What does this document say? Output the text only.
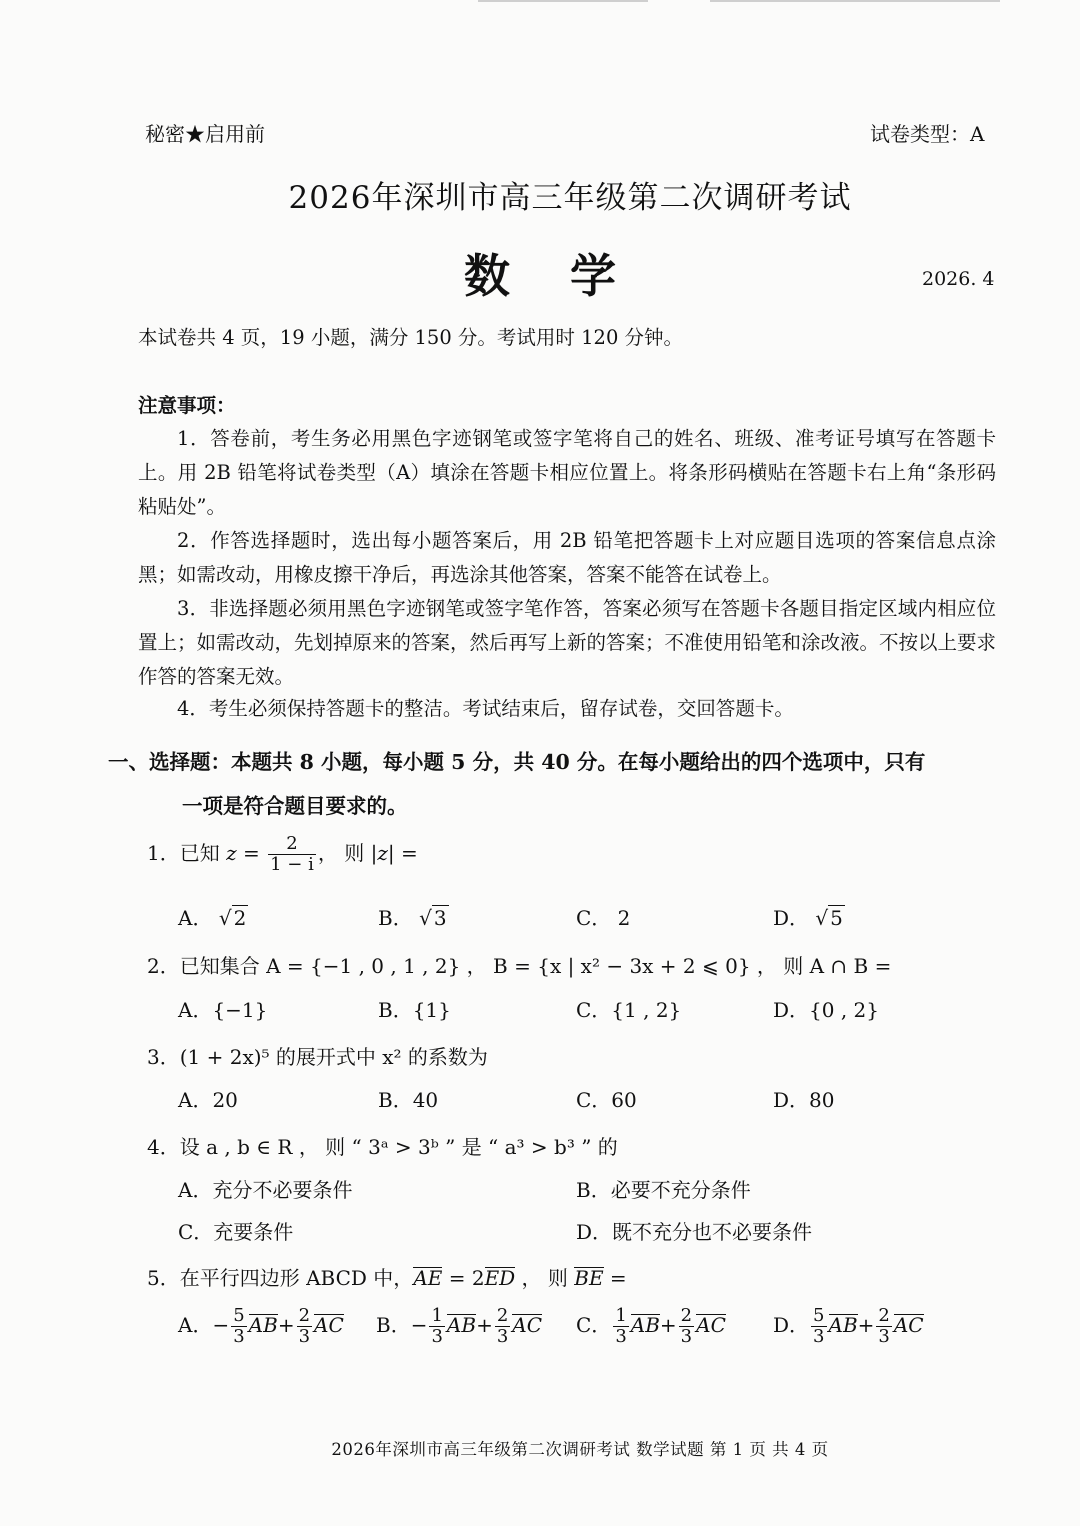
秘密★启用前	试卷类型：A
2026年深圳市高三年级第二次调研考试
数学	2026. 4
本试卷共 4 页，19 小题，满分 150 分。考试用时 120 分钟。
注意事项：
1．答卷前，考生务必用黑色字迹钢笔或签字笔将自己的姓名、班级、准考证号填写在答题卡上。用 2B 铅笔将试卷类型（A）填涂在答题卡相应位置上。将条形码横贴在答题卡右上角“条形码粘贴处”。
2．作答选择题时，选出每小题答案后，用 2B 铅笔把答题卡上对应题目选项的答案信息点涂黑；如需改动，用橡皮擦干净后，再选涂其他答案，答案不能答在试卷上。
3．非选择题必须用黑色字迹钢笔或签字笔作答，答案必须写在答题卡各题目指定区域内相应位置上；如需改动，先划掉原来的答案，然后再写上新的答案；不准使用铅笔和涂改液。不按以上要求作答的答案无效。
4．考生必须保持答题卡的整洁。考试结束后，留存试卷，交回答题卡。
一、选择题：本题共 8 小题，每小题 5 分，共 40 分。在每小题给出的四个选项中，只有
一项是符合题目要求的。
1．已知 $z = \frac{2}{1 - i}$ ， 则 |z| =
A． √ 2	B． √ 3	C． 2	D． √ 5
2．已知集合 A = {−1 , 0 , 1 , 2} ， B = {x | x² − 3x + 2 ⩽ 0} ， 则 A ∩ B =
A．{−1}	B．{1}	C．{1 , 2}	D．{0 , 2}
3．(1 + 2x)⁵ 的展开式中 x² 的系数为
A．20	B．40	C．60	D．80
4．设 a , b ∈ R ， 则 “ 3ᵃ > 3ᵇ ” 是 “ a³ > b³ ” 的
A．充分不必要条件	B．必要不充分条件
C．充要条件	D．既不充分也不必要条件
5．在平行四边形 ABCD 中，AE = 2ED ， 则 BE =
A．− $\frac{5}{3} AB+ \frac{2}{3}$ AC B．− $\frac{1}{3} AB+ \frac{2}{3}$ AC C． $\frac{1}{3} AB+ \frac{2}{3}$ AC D． $\frac{5}{3} AB+ \frac{2}{3}$ AC
2026年深圳市高三年级第二次调研考试 数学试题 第 1 页 共 4 页
